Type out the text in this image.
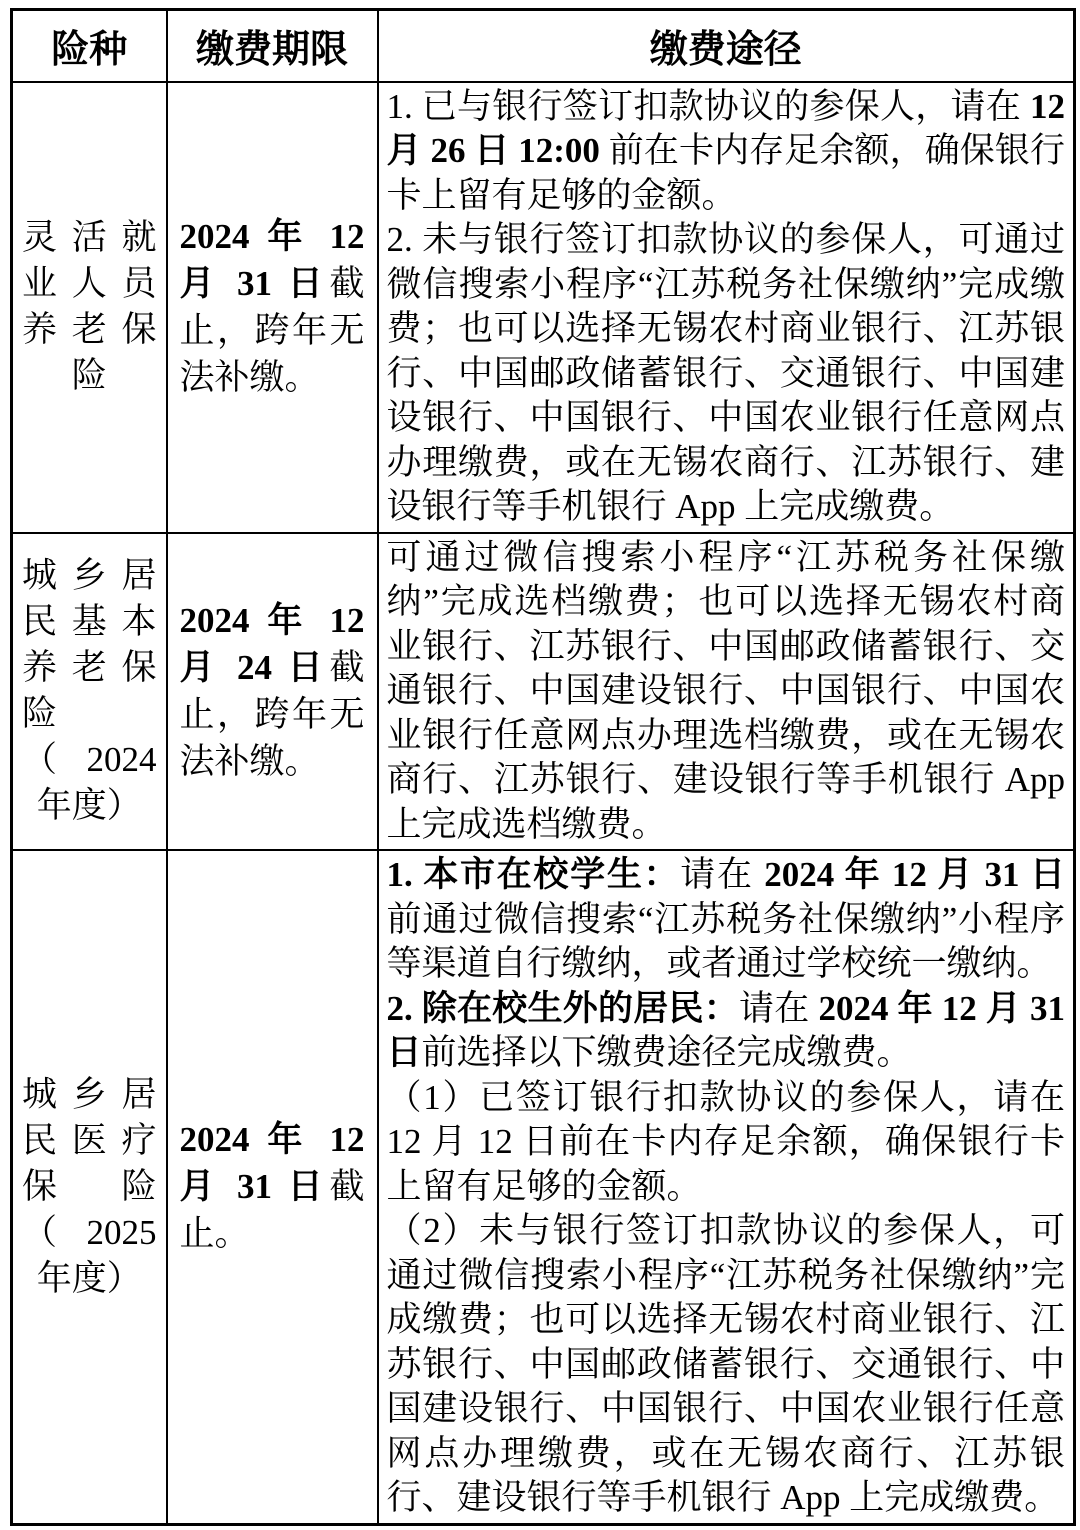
险种	缴费期限	缴费途径
灵活就业人员养老保险	2024 年 12 月 31 日截止，跨年无法补缴。	1. 已与银行签订扣款协议的参保人，请在 12 月 26 日 12:00 前在卡内存足余额，确保银行卡上留有足够的金额。
2. 未与银行签订扣款协议的参保人，可通过微信搜索小程序“江苏税务社保缴纳”完成缴费；也可以选择无锡农村商业银行、江苏银行、中国邮政储蓄银行、交通银行、中国建设银行、中国银行、中国农业银行任意网点办理缴费，或在无锡农商行、江苏银行、建设银行等手机银行 App 上完成缴费。

城乡居民基本养老保险（2024年度）	2024 年 12 月 24 日截止，跨年无法补缴。	可通过微信搜索小程序“江苏税务社保缴纳”完成选档缴费；也可以选择无锡农村商业银行、江苏银行、中国邮政储蓄银行、交通银行、中国建设银行、中国银行、中国农业银行任意网点办理选档缴费，或在无锡农商行、江苏银行、建设银行等手机银行 App 上完成选档缴费。

城乡居民医疗保险（2025年度）	2024 年 12 月 31 日截止。	1. 本市在校学生：请在 2024 年 12 月 31 日前通过微信搜索“江苏税务社保缴纳”小程序等渠道自行缴纳，或者通过学校统一缴纳。
2. 除在校生外的居民：请在 2024 年 12 月 31 日前选择以下缴费途径完成缴费。
（1）已签订银行扣款协议的参保人，请在 12 月 12 日前在卡内存足余额，确保银行卡上留有足够的金额。
（2）未与银行签订扣款协议的参保人，可通过微信搜索小程序“江苏税务社保缴纳”完成缴费；也可以选择无锡农村商业银行、江苏银行、中国邮政储蓄银行、交通银行、中国建设银行、中国银行、中国农业银行任意网点办理缴费，或在无锡农商行、江苏银行、建设银行等手机银行 App 上完成缴费。
